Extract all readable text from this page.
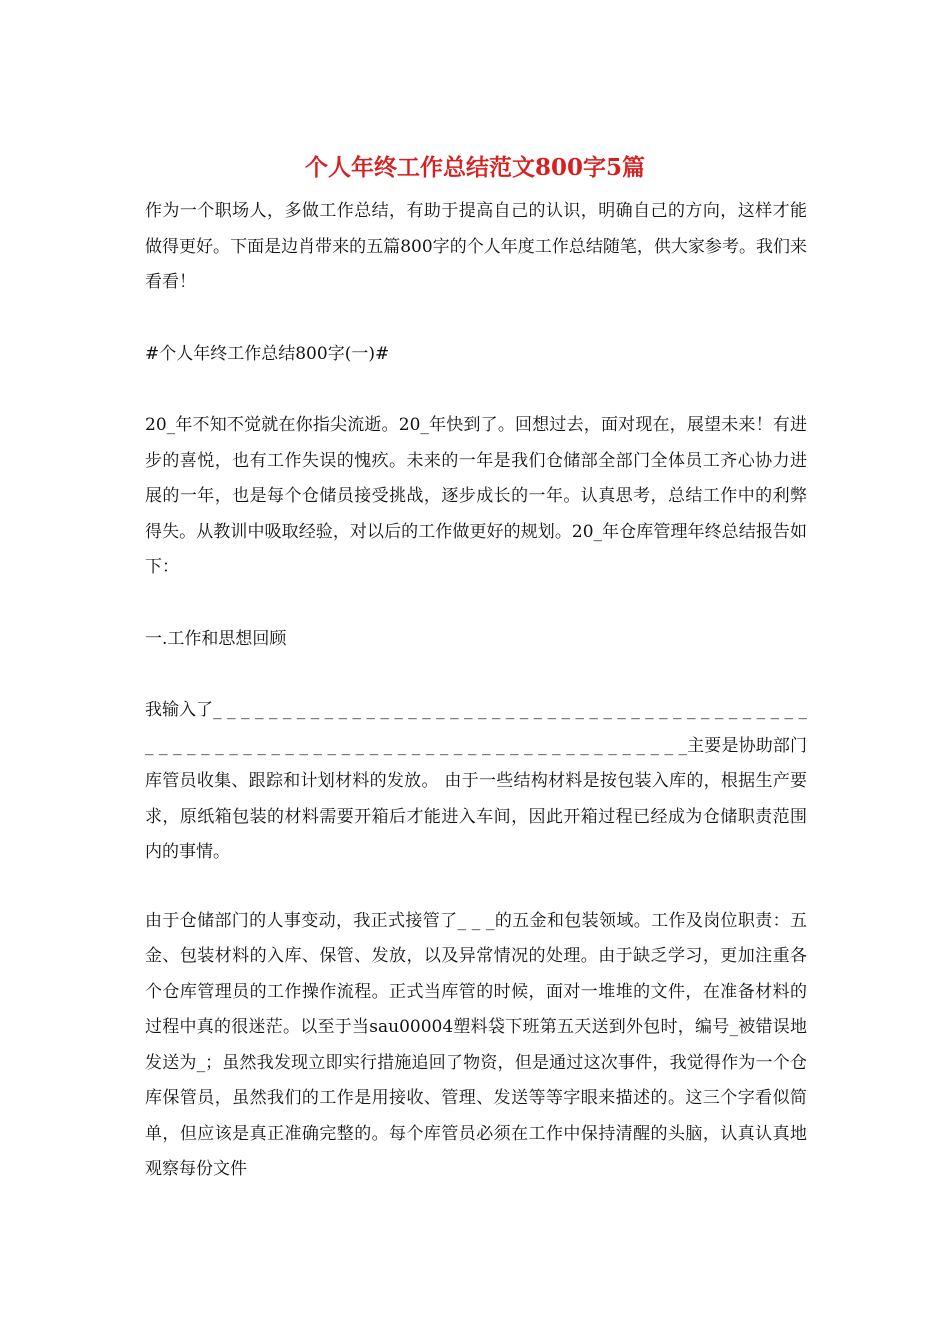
个人年终工作总结范文800字5篇

作为一个职场人，多做工作总结，有助于提高自己的认识，明确自己的方向，这样才能做得更好。下面是边肖带来的五篇800字的个人年度工作总结随笔，供大家参考。我们来看看！

#个人年终工作总结800字(一)#

20_年不知不觉就在你指尖流逝。20_年快到了。回想过去，面对现在，展望未来！有进步的喜悦，也有工作失误的愧疚。未来的一年是我们仓储部全部门全体员工齐心协力进展的一年，也是每个仓储员接受挑战，逐步成长的一年。认真思考，总结工作中的利弊得失。从教训中吸取经验，对以后的工作做更好的规划。20_年仓库管理年终总结报告如下：

一.工作和思想回顾

我输入了_ _ _ _ _ _ _ _ _ _ _ _ _ _ _ _ _ _ _ _ _ _ _ _ _ _ _ _ _ _ _ _ _ _ _ _ _ _ _ _ _ _ _ _ _ _ _ _ _ _ _ _ _ _ _ _ _ _ _ _ _ _ _ _ _ _ _ _ _ _ _ _ _ _ _ _ _ _ _ _ _ _主要是协助部门库管员收集、跟踪和计划材料的发放。 由于一些结构材料是按包装入库的，根据生产要求，原纸箱包装的材料需要开箱后才能进入车间，因此开箱过程已经成为仓储职责范围内的事情。

由于仓储部门的人事变动，我正式接管了_ _ _的五金和包装领域。工作及岗位职责：五金、包装材料的入库、保管、发放，以及异常情况的处理。由于缺乏学习，更加注重各个仓库管理员的工作操作流程。正式当库管的时候，面对一堆堆的文件，在准备材料的过程中真的很迷茫。以至于当sau00004塑料袋下班第五天送到外包时，编号_被错误地发送为_；虽然我发现立即实行措施追回了物资，但是通过这次事件，我觉得作为一个仓库保管员，虽然我们的工作是用接收、管理、发送等等字眼来描述的。这三个字看似简单，但应该是真正准确完整的。每个库管员必须在工作中保持清醒的头脑，认真认真地观察每份文件
